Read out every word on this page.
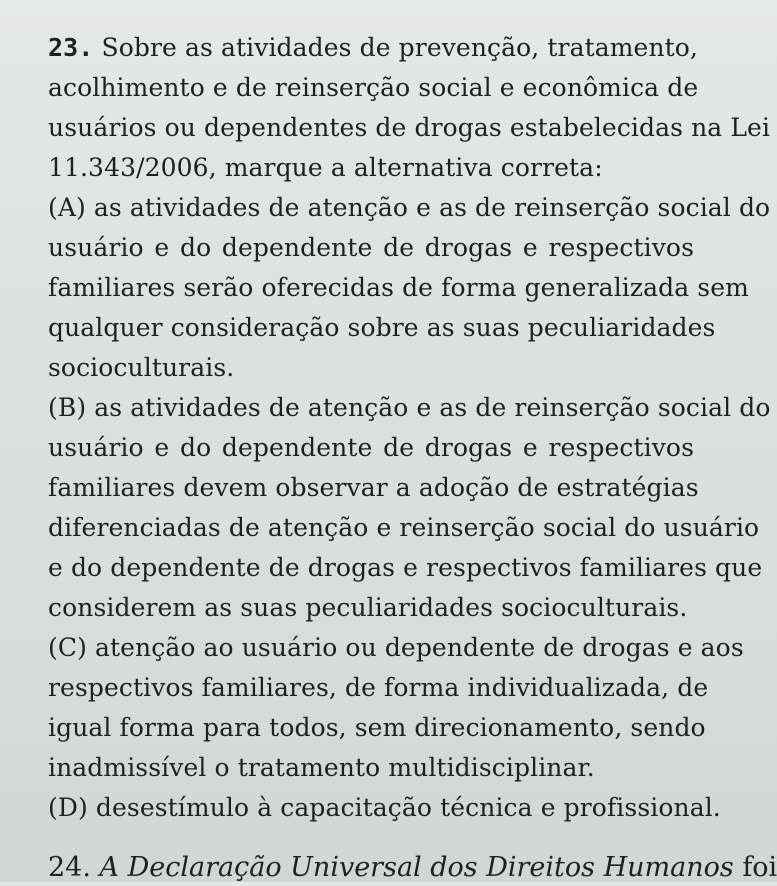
23. Sobre as atividades de prevenção, tratamento,
acolhimento e de reinserção social e econômica de
usuários ou dependentes de drogas estabelecidas na Lei
11.343/2006, marque a alternativa correta:
(A) as atividades de atenção e as de reinserção social do
usuário e do dependente de drogas e respectivos
familiares serão oferecidas de forma generalizada sem
qualquer consideração sobre as suas peculiaridades
socioculturais.
(B) as atividades de atenção e as de reinserção social do
usuário e do dependente de drogas e respectivos
familiares devem observar a adoção de estratégias
diferenciadas de atenção e reinserção social do usuário
e do dependente de drogas e respectivos familiares que
considerem as suas peculiaridades socioculturais.
(C) atenção ao usuário ou dependente de drogas e aos
respectivos familiares, de forma individualizada, de
igual forma para todos, sem direcionamento, sendo
inadmissível o tratamento multidisciplinar.
(D) desestímulo à capacitação técnica e profissional.
24. A Declaração Universal dos Direitos Humanos foi
